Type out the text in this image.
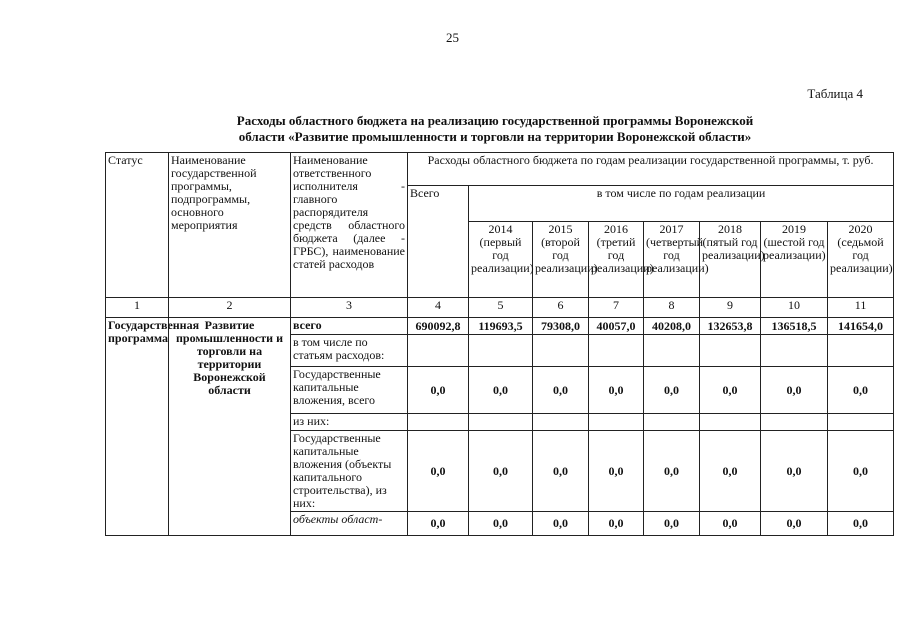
25
Таблица 4
Расходы областного бюджета на реализацию государственной программы Воронежской
области «Развитие промышленности и торговли на территории Воронежской области»
Статус	Наименование государственной программы, подпрограммы, основного мероприятия	Наименование ответственного исполнителя - главного распорядителя средств областного бюджета (далее - ГРБС), наименование статей расходов	Расходы областного бюджета по годам реализации государственной программы, т. руб.							
			Всего	в том числе по годам реализации						
				2014 (первый год реализации)	2015 (второй год реализации)	2016 (третий год реализации)	2017 (четвертый год реализации)	2018 (пятый год реализации)	2019 (шестой год реализации)	2020 (седьмой год реализации)
1	2	3	4	5	6	7	8	9	10	11
Государственная программа	Развитие промышленности и торговли на территории Воронежской области	всего	690092,8	119693,5	79308,0	40057,0	40208,0	132653,8	136518,5	141654,0
		в том числе по статьям расходов:								
		Государственные капитальные вложения, всего	0,0	0,0	0,0	0,0	0,0	0,0	0,0	0,0
		из них:								
		Государственные капитальные вложения (объекты капитального строительства), из них:	0,0	0,0	0,0	0,0	0,0	0,0	0,0	0,0
		объекты област-	0,0	0,0	0,0	0,0	0,0	0,0	0,0	0,0
